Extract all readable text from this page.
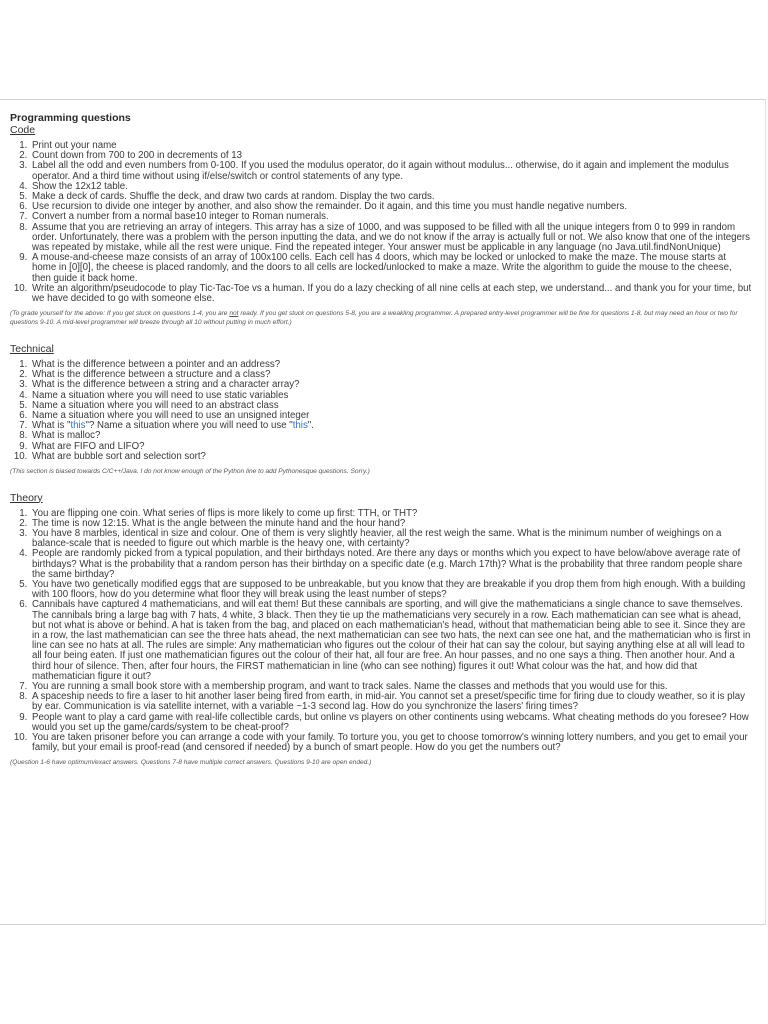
Programming questions

Code

1. Print out your name
2. Count down from 700 to 200 in decrements of 13
3. Label all the odd and even numbers from 0-100. If you used the modulus operator, do it again without modulus... otherwise, do it again and implement the modulus operator. And a third time without using if/else/switch or control statements of any type.
4. Show the 12x12 table.
5. Make a deck of cards. Shuffle the deck, and draw two cards at random. Display the two cards.
6. Use recursion to divide one integer by another, and also show the remainder. Do it again, and this time you must handle negative numbers.
7. Convert a number from a normal base10 integer to Roman numerals.
8. Assume that you are retrieving an array of integers. This array has a size of 1000, and was supposed to be filled with all the unique integers from 0 to 999 in random order. Unfortunately, there was a problem with the person inputting the data, and we do not know if the array is actually full or not. We also know that one of the integers was repeated by mistake, while all the rest were unique. Find the repeated integer. Your answer must be applicable in any language (no Java.util.findNonUnique)
9. A mouse-and-cheese maze consists of an array of 100x100 cells. Each cell has 4 doors, which may be locked or unlocked to make the maze. The mouse starts at home in [0][0], the cheese is placed randomly, and the doors to all cells are locked/unlocked to make a maze. Write the algorithm to guide the mouse to the cheese, then guide it back home.
10. Write an algorithm/pseudocode to play Tic-Tac-Toe vs a human. If you do a lazy checking of all nine cells at each step, we understand... and thank you for your time, but we have decided to go with someone else.

(To grade yourself for the above: If you get stuck on questions 1-4, you are not ready. If you get stuck on questions 5-8, you are a weakling programmer. A prepared entry-level programmer will be fine for questions 1-8, but may need an hour or two for questions 9-10. A mid-level programmer will breeze through all 10 without putting in much effort.)

Technical

1. What is the difference between a pointer and an address?
2. What is the difference between a structure and a class?
3. What is the difference between a string and a character array?
4. Name a situation where you will need to use static variables
5. Name a situation where you will need to an abstract class
6. Name a situation where you will need to use an unsigned integer
7. What is "this"? Name a situation where you will need to use "this".
8. What is malloc?
9. What are FIFO and LIFO?
10. What are bubble sort and selection sort?

(This section is biased towards C/C++/Java. I do not know enough of the Python line to add Pythonesque questions. Sorry.)

Theory

1. You are flipping one coin. What series of flips is more likely to come up first: TTH, or THT?
2. The time is now 12:15. What is the angle between the minute hand and the hour hand?
3. You have 8 marbles, identical in size and colour. One of them is very slightly heavier, all the rest weigh the same. What is the minimum number of weighings on a balance-scale that is needed to figure out which marble is the heavy one, with certainty?
4. People are randomly picked from a typical population, and their birthdays noted. Are there any days or months which you expect to have below/above average rate of birthdays? What is the probability that a random person has their birthday on a specific date (e.g. March 17th)? What is the probability that three random people share the same birthday?
5. You have two genetically modified eggs that are supposed to be unbreakable, but you know that they are breakable if you drop them from high enough. With a building with 100 floors, how do you determine what floor they will break using the least number of steps?
6. Cannibals have captured 4 mathematicians, and will eat them! But these cannibals are sporting, and will give the mathematicians a single chance to save themselves. The cannibals bring a large bag with 7 hats, 4 white, 3 black. Then they tie up the mathematicians very securely in a row. Each mathematician can see what is ahead, but not what is above or behind. A hat is taken from the bag, and placed on each mathematician's head, without that mathematician being able to see it. Since they are in a row, the last mathematician can see the three hats ahead, the next mathematician can see two hats, the next can see one hat, and the mathematician who is first in line can see no hats at all. The rules are simple: Any mathematician who figures out the colour of their hat can say the colour, but saying anything else at all will lead to all four being eaten. If just one mathematician figures out the colour of their hat, all four are free. An hour passes, and no one says a thing. Then another hour. And a third hour of silence. Then, after four hours, the FIRST mathematician in line (who can see nothing) figures it out! What colour was the hat, and how did that mathematician figure it out?
7. You are running a small book store with a membership program, and want to track sales. Name the classes and methods that you would use for this.
8. A spaceship needs to fire a laser to hit another laser being fired from earth, in mid-air. You cannot set a preset/specific time for firing due to cloudy weather, so it is play by ear. Communication is via satellite internet, with a variable ~1-3 second lag. How do you synchronize the lasers' firing times?
9. People want to play a card game with real-life collectible cards, but online vs players on other continents using webcams. What cheating methods do you foresee? How would you set up the game/cards/system to be cheat-proof?
10. You are taken prisoner before you can arrange a code with your family. To torture you, you get to choose tomorrow's winning lottery numbers, and you get to email your family, but your email is proof-read (and censored if needed) by a bunch of smart people. How do you get the numbers out?

(Question 1-6 have optimum/exact answers. Questions 7-8 have multiple correct answers. Questions 9-10 are open ended.)
